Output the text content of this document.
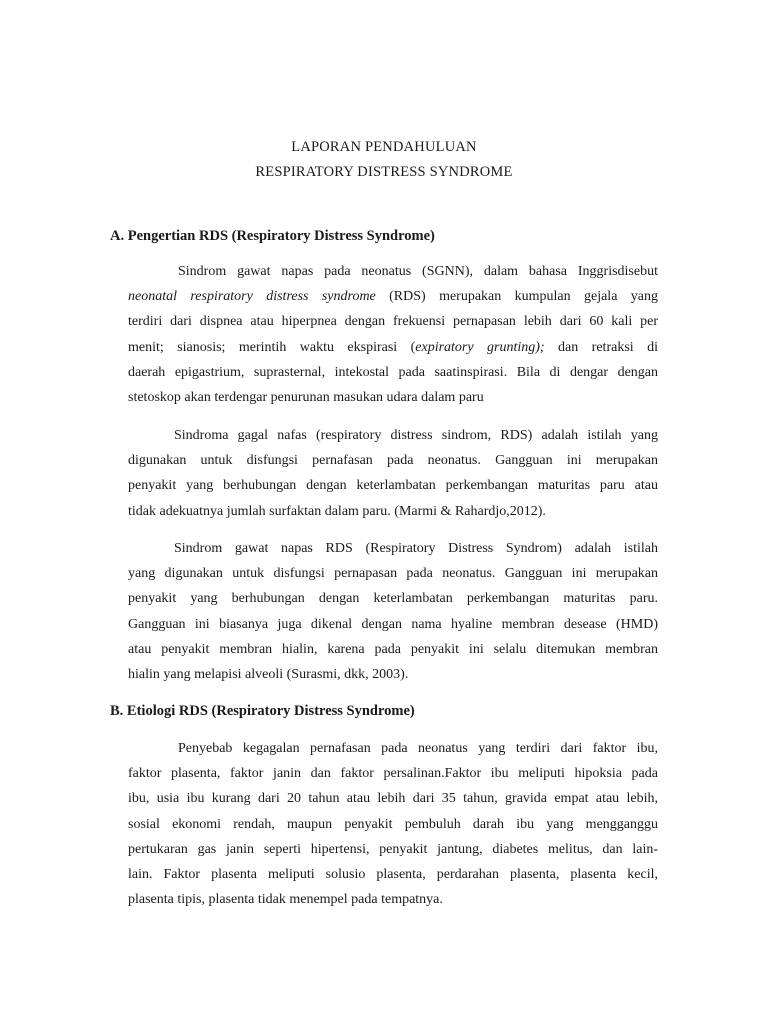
LAPORAN PENDAHULUAN
RESPIRATORY DISTRESS SYNDROME
A. Pengertian RDS (Respiratory Distress Syndrome)
Sindrom gawat napas pada neonatus (SGNN), dalam bahasa Inggrisdisebut
neonatal respiratory distress syndrome (RDS) merupakan kumpulan gejala yang
terdiri dari dispnea atau hiperpnea dengan frekuensi pernapasan lebih dari 60 kali per
menit; sianosis; merintih waktu ekspirasi (expiratory grunting); dan retraksi di
daerah epigastrium, suprasternal, intekostal pada saatinspirasi. Bila di dengar dengan
stetoskop akan terdengar penurunan masukan udara dalam paru
Sindroma gagal nafas (respiratory distress sindrom, RDS) adalah istilah yang
digunakan untuk disfungsi pernafasan pada neonatus. Gangguan ini merupakan
penyakit yang berhubungan dengan keterlambatan perkembangan maturitas paru atau
tidak adekuatnya jumlah surfaktan dalam paru. (Marmi & Rahardjo,2012).
Sindrom gawat napas RDS (Respiratory Distress Syndrom) adalah istilah
yang digunakan untuk disfungsi pernapasan pada neonatus. Gangguan ini merupakan
penyakit yang berhubungan dengan keterlambatan perkembangan maturitas paru.
Gangguan ini biasanya juga dikenal dengan nama hyaline membran desease (HMD)
atau penyakit membran hialin, karena pada penyakit ini selalu ditemukan membran
hialin yang melapisi alveoli (Surasmi, dkk, 2003).
B. Etiologi RDS (Respiratory Distress Syndrome)
Penyebab kegagalan pernafasan pada neonatus yang terdiri dari faktor ibu,
faktor plasenta, faktor janin dan faktor persalinan.Faktor ibu meliputi hipoksia pada
ibu, usia ibu kurang dari 20 tahun atau lebih dari 35 tahun, gravida empat atau lebih,
sosial ekonomi rendah, maupun penyakit pembuluh darah ibu yang mengganggu
pertukaran gas janin seperti hipertensi, penyakit jantung, diabetes melitus, dan lain-
lain. Faktor plasenta meliputi solusio plasenta, perdarahan plasenta, plasenta kecil,
plasenta tipis, plasenta tidak menempel pada tempatnya.
